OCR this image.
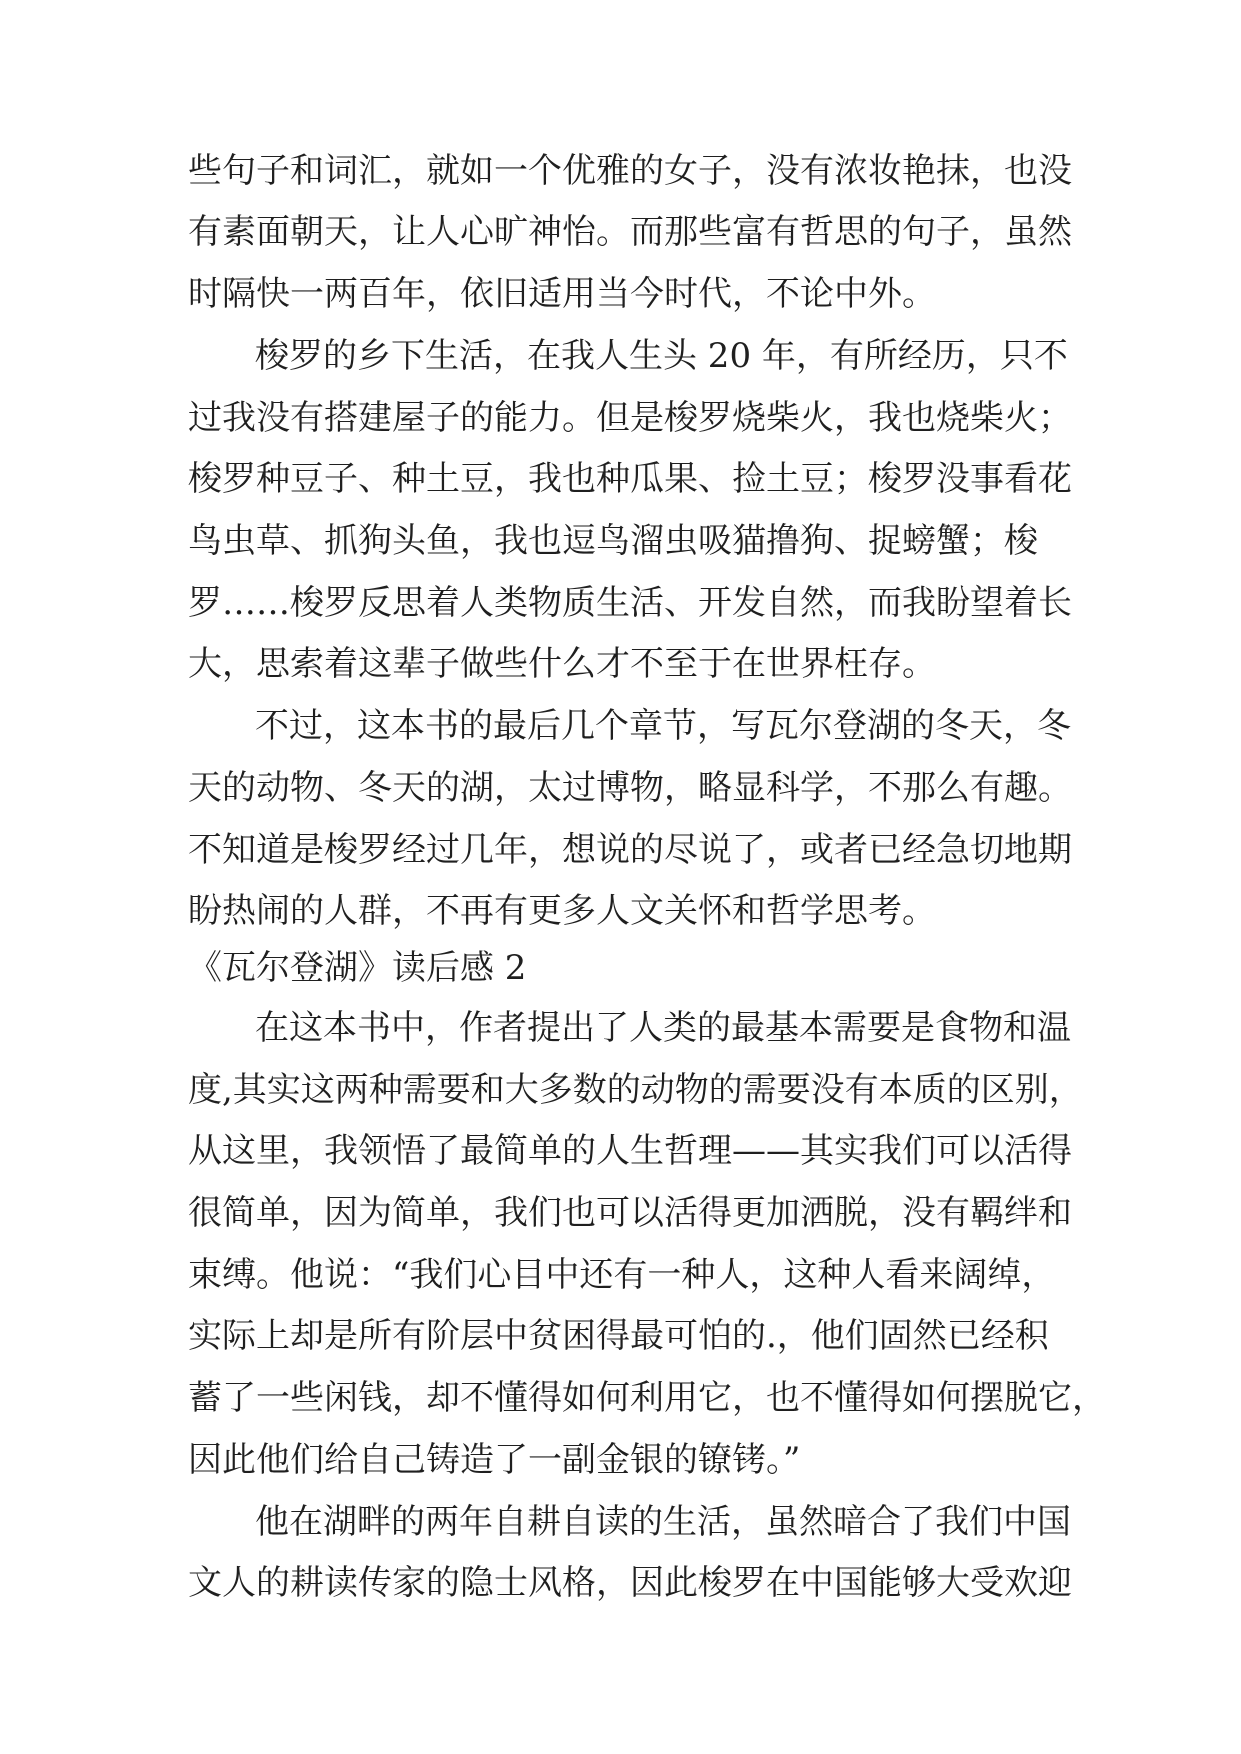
些句子和词汇，就如一个优雅的女子，没有浓妆艳抹，也没
有素面朝天，让人心旷神怡。而那些富有哲思的句子，虽然
时隔快一两百年，依旧适用当今时代，不论中外。
梭罗的乡下生活，在我人生头 20 年，有所经历，只不
过我没有搭建屋子的能力。但是梭罗烧柴火，我也烧柴火；
梭罗种豆子、种土豆，我也种瓜果、捡土豆；梭罗没事看花
鸟虫草、抓狗头鱼，我也逗鸟溜虫吸猫撸狗、捉螃蟹；梭
罗……梭罗反思着人类物质生活、开发自然，而我盼望着长
大，思索着这辈子做些什么才不至于在世界枉存。
不过，这本书的最后几个章节，写瓦尔登湖的冬天，冬
天的动物、冬天的湖，太过博物，略显科学，不那么有趣。
不知道是梭罗经过几年，想说的尽说了，或者已经急切地期
盼热闹的人群，不再有更多人文关怀和哲学思考。
《瓦尔登湖》读后感 2
在这本书中，作者提出了人类的最基本需要是食物和温
度,其实这两种需要和大多数的动物的需要没有本质的区别，
从这里，我领悟了最简单的人生哲理——其实我们可以活得
很简单，因为简单，我们也可以活得更加洒脱，没有羁绊和
束缚。他说：“我们心目中还有一种人，这种人看来阔绰，
实际上却是所有阶层中贫困得最可怕的.，他们固然已经积
蓄了一些闲钱，却不懂得如何利用它，也不懂得如何摆脱它，
因此他们给自己铸造了一副金银的镣铐。”
他在湖畔的两年自耕自读的生活，虽然暗合了我们中国
文人的耕读传家的隐士风格，因此梭罗在中国能够大受欢迎
